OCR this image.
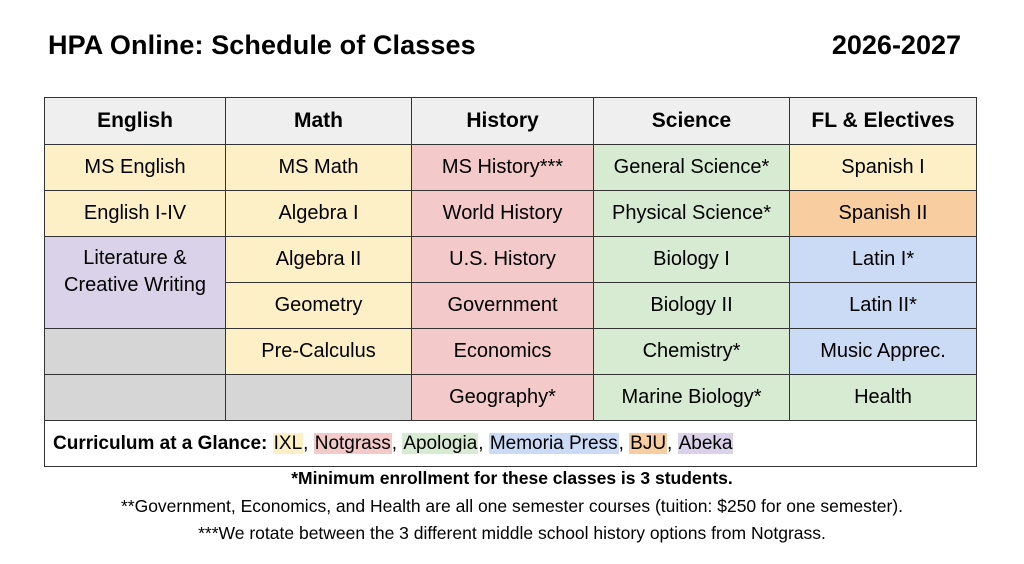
HPA Online: Schedule of Classes	2026-2027
English	Math	History	Science	FL & Electives
MS English	MS Math	MS History***	General Science*	Spanish I
English I-IV	Algebra I	World History	Physical Science*	Spanish II
Literature &
Creative Writing	Algebra II	U.S. History	Biology I	Latin I*
	Geometry	Government	Biology II	Latin II*
	Pre-Calculus	Economics	Chemistry*	Music Apprec.
		Geography*	Marine Biology*	Health
Curriculum at a Glance: IXL, Notgrass, Apologia, Memoria Press, BJU, Abeka				
*Minimum enrollment for these classes is 3 students.
**Government, Economics, and Health are all one semester courses (tuition: $250 for one semester).
***We rotate between the 3 different middle school history options from Notgrass.
